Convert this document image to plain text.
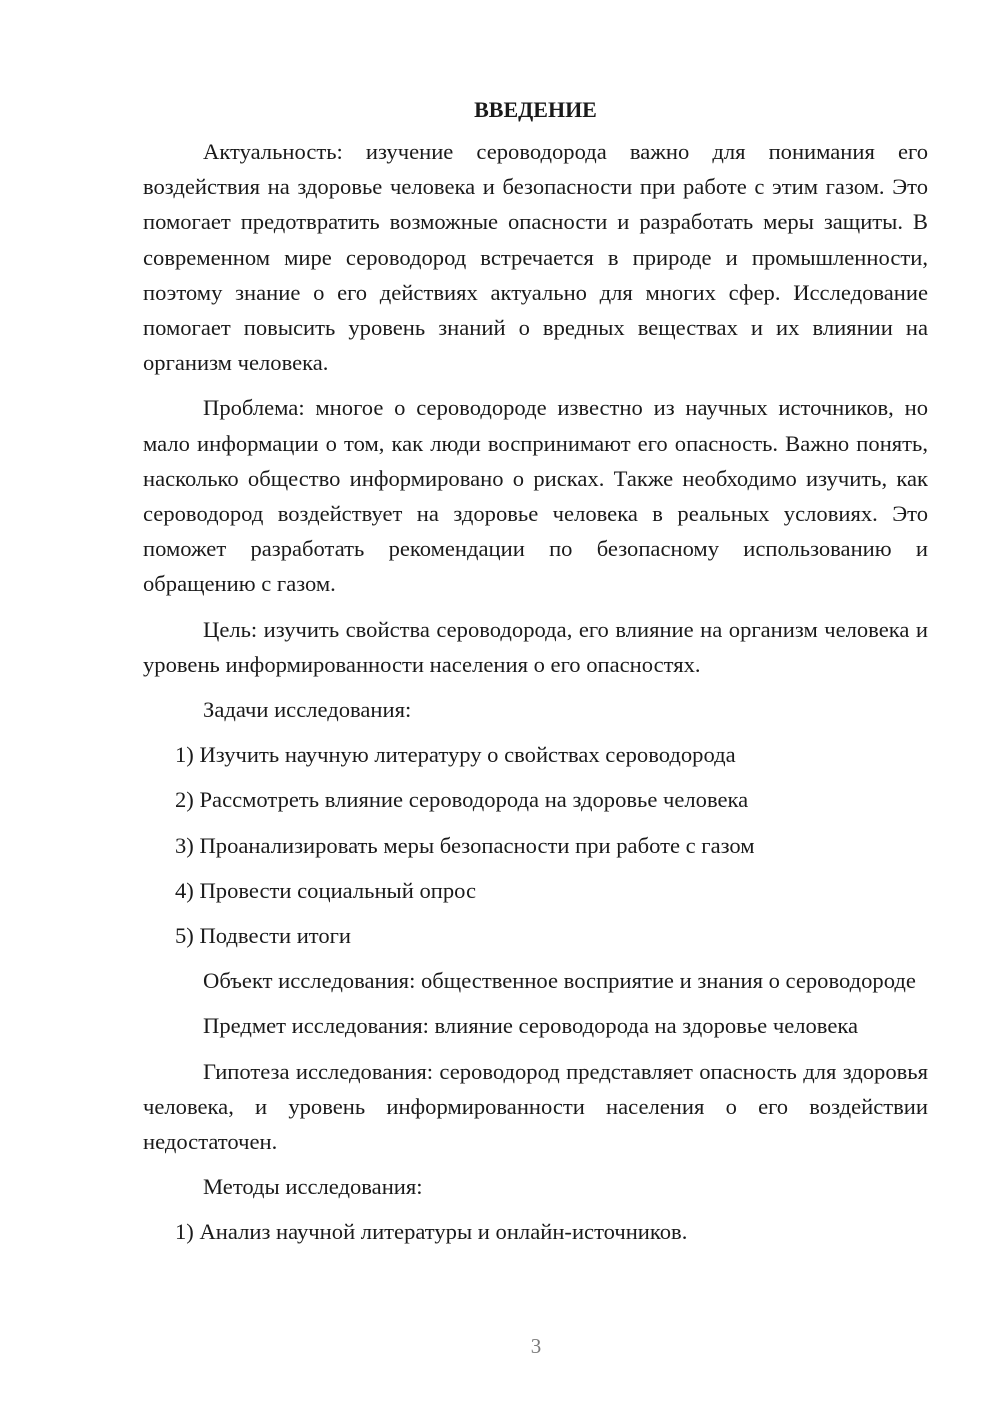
ВВЕДЕНИЕ

Актуальность: изучение сероводорода важно для понимания его воздействия на здоровье человека и безопасности при работе с этим газом. Это помогает предотвратить возможные опасности и разработать меры защиты. В современном мире сероводород встречается в природе и промышленности, поэтому знание о его действиях актуально для многих сфер. Исследование помогает повысить уровень знаний о вредных веществах и их влиянии на организм человека.

Проблема: многое о сероводороде известно из научных источников, но мало информации о том, как люди воспринимают его опасность. Важно понять, насколько общество информировано о рисках. Также необходимо изучить, как сероводород воздействует на здоровье человека в реальных условиях. Это поможет разработать рекомендации по безопасному использованию и обращению с газом.

Цель: изучить свойства сероводорода, его влияние на организм человека и уровень информированности населения о его опасностях.

Задачи исследования:
1) Изучить научную литературу о свойствах сероводорода
2) Рассмотреть влияние сероводорода на здоровье человека
3) Проанализировать меры безопасности при работе с газом
4) Провести социальный опрос
5) Подвести итоги

Объект исследования: общественное восприятие и знания о сероводороде

Предмет исследования: влияние сероводорода на здоровье человека

Гипотеза исследования: сероводород представляет опасность для здоровья человека, и уровень информированности населения о его воздействии недостаточен.

Методы исследования:
1) Анализ научной литературы и онлайн-источников.
3
